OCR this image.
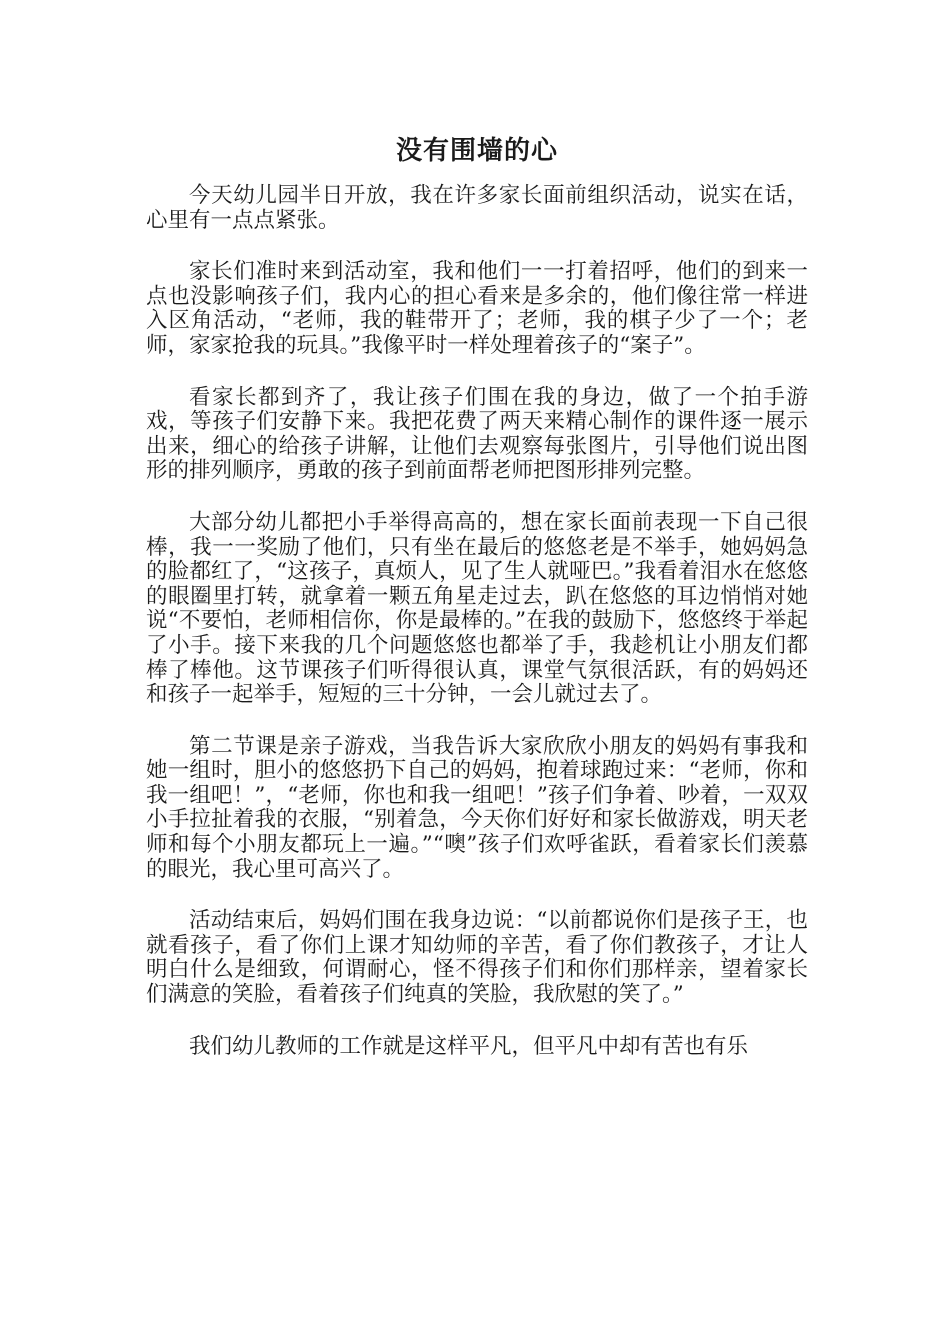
没有围墙的心

今天幼儿园半日开放，我在许多家长面前组织活动，说实在话，心里有一点点紧张。

家长们准时来到活动室，我和他们一一打着招呼，他们的到来一点也没影响孩子们，我内心的担心看来是多余的，他们像往常一样进入区角活动，“老师，我的鞋带开了；老师，我的棋子少了一个；老师，家家抢我的玩具。”我像平时一样处理着孩子的“案子”。

看家长都到齐了，我让孩子们围在我的身边，做了一个拍手游戏，等孩子们安静下来。我把花费了两天来精心制作的课件逐一展示出来，细心的给孩子讲解，让他们去观察每张图片，引导他们说出图形的排列顺序，勇敢的孩子到前面帮老师把图形排列完整。

大部分幼儿都把小手举得高高的，想在家长面前表现一下自己很棒，我一一奖励了他们，只有坐在最后的悠悠老是不举手，她妈妈急的脸都红了，“这孩子，真烦人，见了生人就哑巴。”我看着泪水在悠悠的眼圈里打转，就拿着一颗五角星走过去，趴在悠悠的耳边悄悄对她说“不要怕，老师相信你，你是最棒的。”在我的鼓励下，悠悠终于举起了小手。接下来我的几个问题悠悠也都举了手，我趁机让小朋友们都棒了棒他。这节课孩子们听得很认真，课堂气氛很活跃，有的妈妈还和孩子一起举手，短短的三十分钟，一会儿就过去了。

第二节课是亲子游戏，当我告诉大家欣欣小朋友的妈妈有事我和她一组时，胆小的悠悠扔下自己的妈妈，抱着球跑过来：“老师，你和我一组吧！”，“老师，你也和我一组吧！”孩子们争着、吵着，一双双小手拉扯着我的衣服，“别着急，今天你们好好和家长做游戏，明天老师和每个小朋友都玩上一遍。”“噢”孩子们欢呼雀跃，看着家长们羡慕的眼光，我心里可高兴了。

活动结束后，妈妈们围在我身边说：“以前都说你们是孩子王，也就看孩子，看了你们上课才知幼师的辛苦，看了你们教孩子，才让人明白什么是细致，何谓耐心，怪不得孩子们和你们那样亲，望着家长们满意的笑脸，看着孩子们纯真的笑脸，我欣慰的笑了。”

我们幼儿教师的工作就是这样平凡，但平凡中却有苦也有乐
